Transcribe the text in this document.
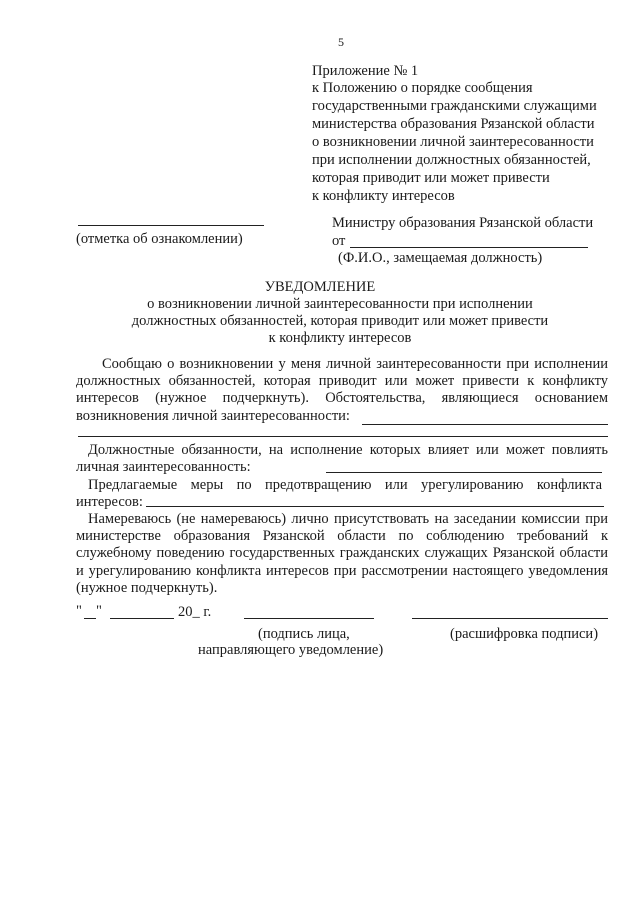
5
Приложение № 1
к Положению о порядке сообщения
государственными гражданскими служащими
министерства образования Рязанской области
о возникновении личной заинтересованности
при исполнении должностных обязанностей,
которая приводит или может привести
к конфликту интересов
(отметка об ознакомлении)
Министру образования Рязанской области
от
(Ф.И.О., замещаемая должность)
УВЕДОМЛЕНИЕ
о возникновении личной заинтересованности при исполнении
должностных обязанностей, которая приводит или может привести
к конфликту интересов
Сообщаю о возникновении у меня личной заинтересованности при исполнении должностных обязанностей, которая приводит или может привести к конфликту интересов (нужное подчеркнуть). Обстоятельства, являющиеся основанием возникновения личной заинтересованности:
Должностные обязанности, на исполнение которых влияет или может повлиять личная заинтересованность:
Предлагаемые меры по предотвращению или урегулированию конфликта интересов:
Намереваюсь (не намереваюсь) лично присутствовать на заседании комиссии при министерстве образования Рязанской области по соблюдению требований к служебному поведению государственных гражданских служащих Рязанской области и урегулированию конфликта интересов при рассмотрении настоящего уведомления (нужное подчеркнуть).
" "	20_ г.
(подпись лица,	(расшифровка подписи)
направляющего уведомление)
